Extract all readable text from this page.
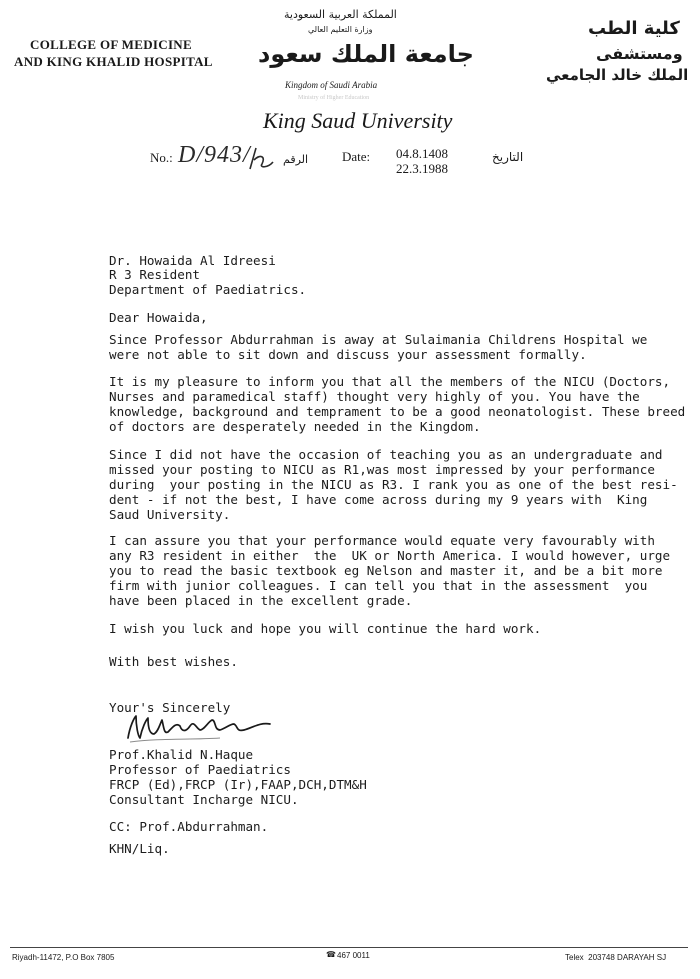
COLLEGE OF MEDICINE
AND KING KHALID HOSPITAL
المملكة العربية السعودية
وزارة التعليم العالي
جامعة الملك سعود
Kingdom of Saudi Arabia
Ministry of Higher Education
King Saud University
كلية الطب
ومستشفى
الملك خالد الجامعي
No.: D/943/	الرقم	Date: 04.8.1408
22.3.1988
التاريخ
Dr. Howaida Al Idreesi
R 3 Resident
Department of Paediatrics.
Dear Howaida,
Since Professor Abdurrahman is away at Sulaimania Childrens Hospital we
were not able to sit down and discuss your assessment formally.
It is my pleasure to inform you that all the members of the NICU (Doctors,
Nurses and paramedical staff) thought very highly of you. You have the
knowledge, background and temprament to be a good neonatologist. These breed
of doctors are desperately needed in the Kingdom.
Since I did not have the occasion of teaching you as an undergraduate and
missed your posting to NICU as R1,was most impressed by your performance
during  your posting in the NICU as R3. I rank you as one of the best resi-
dent - if not the best, I have come across during my 9 years with  King
Saud University.
I can assure you that your performance would equate very favourably with
any R3 resident in either  the  UK or North America. I would however, urge
you to read the basic textbook eg Nelson and master it, and be a bit more
firm with junior colleagues. I can tell you that in the assessment  you
have been placed in the excellent grade.
I wish you luck and hope you will continue the hard work.
With best wishes.
Your's Sincerely
Prof.Khalid N.Haque
Professor of Paediatrics
FRCP (Ed),FRCP (Ir),FAAP,DCH,DTM&H
Consultant Incharge NICU.
CC: Prof.Abdurrahman.
KHN/Liq.
Riyadh-11472, P.O Box 7805	☎ 467 0011	Telex  203748 DARAYAH SJ
